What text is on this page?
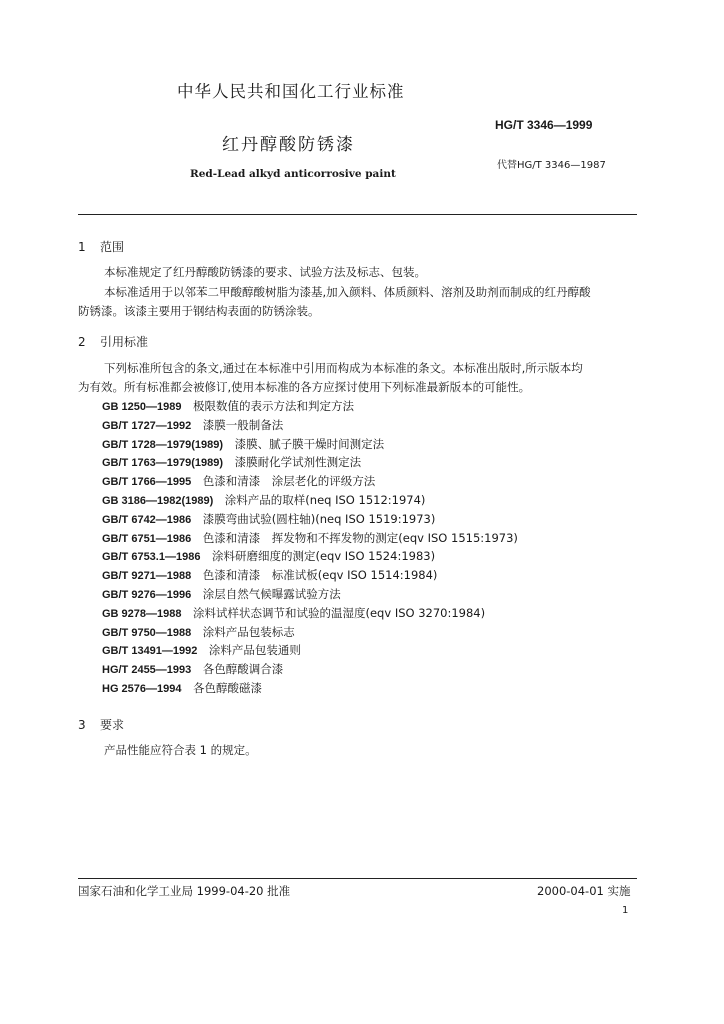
中华人民共和国化工行业标准
HG/T 3346—1999
红丹醇酸防锈漆
代替HG/T 3346—1987
Red-Lead alkyd anticorrosive paint
1 范围
本标准规定了红丹醇酸防锈漆的要求、试验方法及标志、包装。
本标准适用于以邻苯二甲酸醇酸树脂为漆基,加入颜料、体质颜料、溶剂及助剂而制成的红丹醇酸
防锈漆。该漆主要用于钢结构表面的防锈涂装。
2 引用标准
下列标准所包含的条文,通过在本标准中引用而构成为本标准的条文。本标准出版时,所示版本均
为有效。所有标准都会被修订,使用本标准的各方应探讨使用下列标准最新版本的可能性。
GB 1250—1989  极限数值的表示方法和判定方法
GB/T 1727—1992  漆膜一般制备法
GB/T 1728—1979(1989)  漆膜、腻子膜干燥时间测定法
GB/T 1763—1979(1989)  漆膜耐化学试剂性测定法
GB/T 1766—1995  色漆和清漆　涂层老化的评级方法
GB 3186—1982(1989)  涂料产品的取样(neq ISO 1512:1974)
GB/T 6742—1986  漆膜弯曲试验(圆柱轴)(neq ISO 1519:1973)
GB/T 6751—1986  色漆和清漆　挥发物和不挥发物的测定(eqv ISO 1515:1973)
GB/T 6753.1—1986  涂料研磨细度的测定(eqv ISO 1524:1983)
GB/T 9271—1988  色漆和清漆　标准试板(eqv ISO 1514:1984)
GB/T 9276—1996  涂层自然气候曝露试验方法
GB 9278—1988  涂料试样状态调节和试验的温湿度(eqv ISO 3270:1984)
GB/T 9750—1988  涂料产品包装标志
GB/T 13491—1992  涂料产品包装通则
HG/T 2455—1993  各色醇酸调合漆
HG 2576—1994  各色醇酸磁漆
3 要求
产品性能应符合表 1 的规定。
国家石油和化学工业局 1999-04-20 批准	2000-04-01 实施
1
